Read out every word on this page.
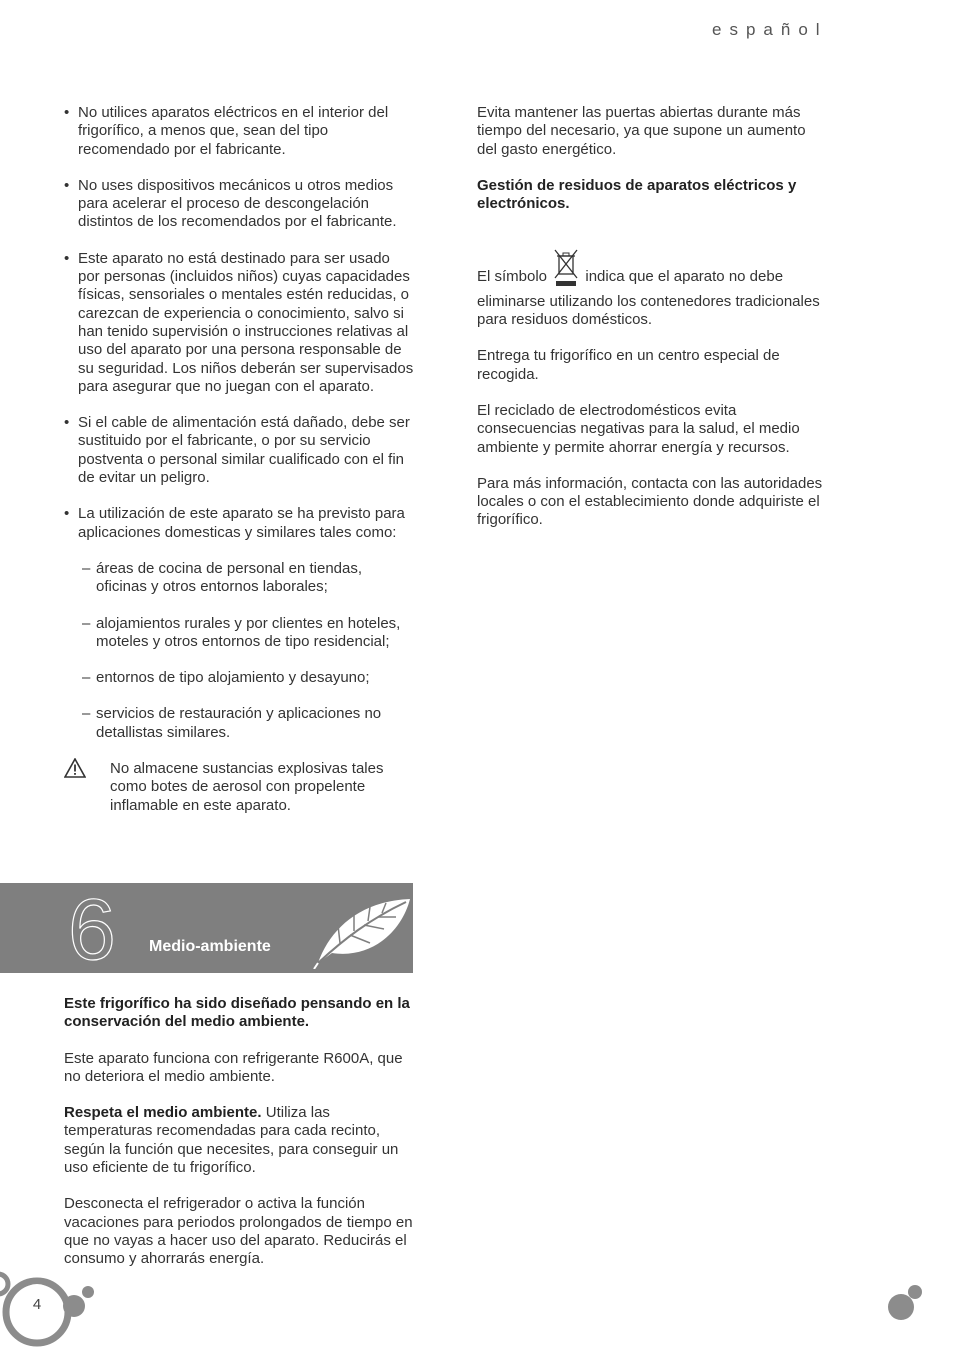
español

• No utilices aparatos eléctricos en el interior del frigorífico, a menos que, sean del tipo recomendado por el fabricante.

• No uses dispositivos mecánicos u otros medios para acelerar el proceso de descongelación distintos de los recomendados por el fabricante.

• Este aparato no está destinado para ser usado por personas (incluidos niños) cuyas capacidades físicas, sensoriales o mentales estén reducidas, o carezcan de experiencia o conocimiento, salvo si han tenido supervisión o instrucciones relativas al uso del aparato por una persona responsable de su seguridad. Los niños deberán ser supervisados para asegurar que no juegan con el aparato.

• Si el cable de alimentación está dañado, debe ser sustituido por el fabricante, o por su servicio postventa o personal similar cualificado con el fin de evitar un peligro.

• La utilización de este aparato se ha previsto para aplicaciones domesticas y similares tales como:

– áreas de cocina de personal en tiendas, oficinas y otros entornos laborales;

– alojamientos rurales y por clientes en hoteles, moteles y otros entornos de tipo residencial;

– entornos de tipo alojamiento y desayuno;

– servicios de restauración y aplicaciones no detallistas similares.

No almacene sustancias explosivas tales como botes de aerosol con propelente inflamable en este aparato.

6 Medio-ambiente

Este frigorífico ha sido diseñado pensando en la conservación del medio ambiente.

Este aparato funciona con refrigerante R600A, que no deteriora el medio ambiente.

Respeta el medio ambiente. Utiliza las temperaturas recomendadas para cada recinto, según la función que necesites, para conseguir un uso eficiente de tu frigorífico.

Desconecta el refrigerador o activa la función vacaciones para periodos prolongados de tiempo en que no vayas a hacer uso del aparato. Reducirás el consumo y ahorrarás energía.

Evita mantener las puertas abiertas durante más tiempo del necesario, ya que supone un aumento del gasto energético.

Gestión de residuos de aparatos eléctricos y electrónicos.

El símbolo	indica que el aparato no debe eliminarse utilizando los contenedores tradicionales para residuos domésticos.

Entrega tu frigorífico en un centro especial de recogida.

El reciclado de electrodomésticos evita consecuencias negativas para la salud, el medio ambiente y permite ahorrar energía y recursos.

Para más información, contacta con las autoridades locales o con el establecimiento donde adquiriste el frigorífico.

4
